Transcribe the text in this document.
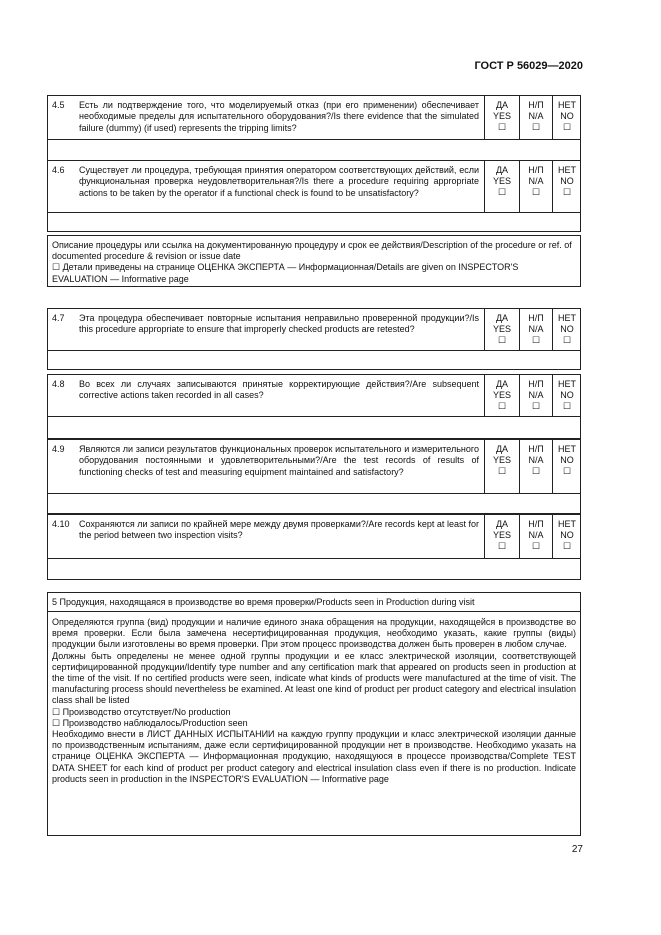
ГОСТ Р 56029—2020
4.5 Есть ли подтверждение того, что моделируемый отказ (при его применении) обеспечивает необходимые пределы для испытательного оборудования?/Is there evidence that the simulated failure (dummy) (if used) represents the tripping limits?
ДА
YES
☐
Н/П
N/A
☐
НЕТ
NO
☐
4.6 Существует ли процедура, требующая принятия оператором соответствующих действий, если функциональная проверка неудовлетворительная?/Is there a procedure requiring appropriate actions to be taken by the operator if a functional check is found to be unsatisfactory?
ДА
YES
☐
Н/П
N/A
☐
НЕТ
NO
☐
Описание процедуры или ссылка на документированную процедуру и срок ее действия/Description of the procedure or ref. of documented procedure & revision or issue date
☐ Детали приведены на странице ОЦЕНКА ЭКСПЕРТА — Информационная/Details are given on INSPECTOR'S EVALUATION — Informative page
4.7 Эта процедура обеспечивает повторные испытания неправильно проверенной продукции?/Is this procedure appropriate to ensure that improperly checked products are retested?
ДА
YES
☐
Н/П
N/A
☐
НЕТ
NO
☐
4.8 Во всех ли случаях записываются принятые корректирующие действия?/Are subsequent corrective actions taken recorded in all cases?
ДА
YES
☐
Н/П
N/A
☐
НЕТ
NO
☐
4.9 Являются ли записи результатов функциональных проверок испытательного и измерительного оборудования постоянными и удовлетворительными?/Are the test records of results of functioning checks of test and measuring equipment maintained and satisfactory?
ДА
YES
☐
Н/П
N/A
☐
НЕТ
NO
☐
4.10 Сохраняются ли записи по крайней мере между двумя проверками?/Are records kept at least for the period between two inspection visits?
ДА
YES
☐
Н/П
N/A
☐
НЕТ
NO
☐
5 Продукция, находящаяся в производстве во время проверки/Products seen in Production during visit
Определяются группа (вид) продукции и наличие единого знака обращения на продукции, находящейся в производстве во время проверки. Если была замечена несертифицированная продукция, необходимо указать, какие группы (виды) продукции были изготовлены во время проверки. При этом процесс производства должен быть проверен в любом случае.
Должны быть определены не менее одной группы продукции и ее класс электрической изоляции, соответствующей сертифицированной продукции/Identify type number and any certification mark that appeared on products seen in production at the time of the visit. If no certified products were seen, indicate what kinds of products were manufactured at the time of visit. The manufacturing process should nevertheless be examined. At least one kind of product per product category and electrical insulation class shall be listed
☐ Производство отсутствует/No production
☐ Производство наблюдалось/Production seen
Необходимо внести в ЛИСТ ДАННЫХ ИСПЫТАНИИ на каждую группу продукции и класс электрической изоляции данные по производственным испытаниям, даже если сертифицированной продукции нет в производстве. Необходимо указать на странице ОЦЕНКА ЭКСПЕРТА — Информационная продукцию, находящуюся в процессе производства/Complete TEST DATA SHEET for each kind of product per product category and electrical insulation class even if there is no production. Indicate products seen in production in the INSPECTOR'S EVALUATION — Informative page
27
